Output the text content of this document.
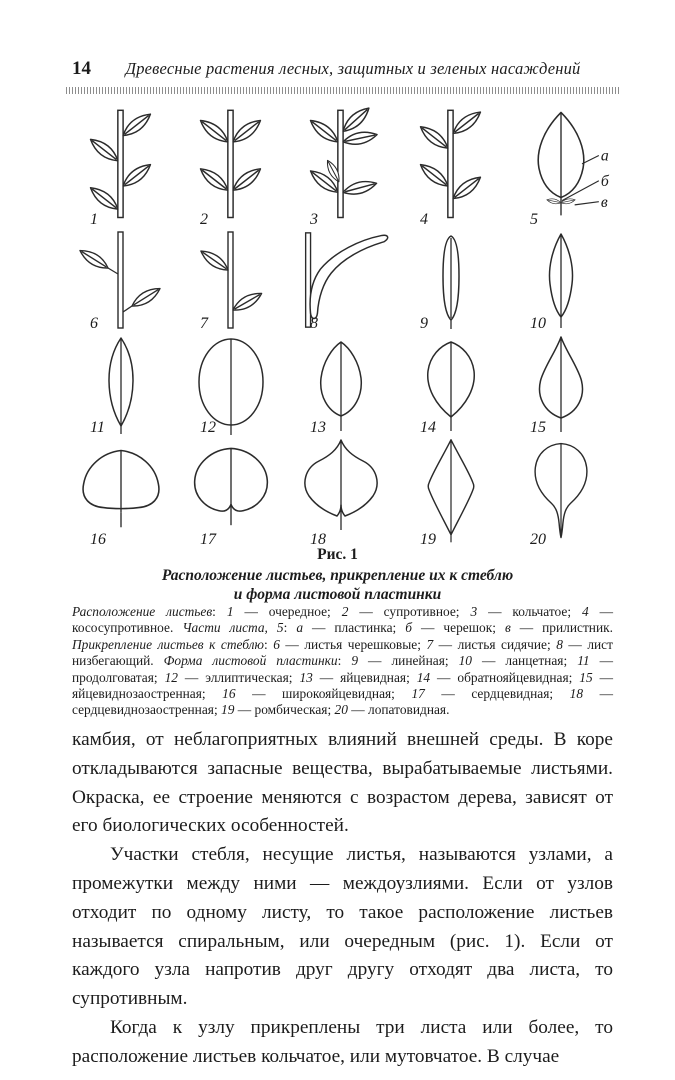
14	Древесные растения лесных, защитных и зеленых насаждений
1	2	3	4
а
б
в
5
6	7	8	9	10
11	12	13	14	15
16	17	18	19	20
Рис. 1
Расположение листьев, прикрепление их к стеблю
и форма листовой пластинки
Расположение листьев: 1 — очередное; 2 — супротивное; 3 — кольчатое; 4 — кососупротивное. Части листа, 5: а — пластинка; б — черешок; в — прилистник. Прикрепление листьев к стеблю: 6 — листья черешковые; 7 — листья сидячие; 8 — лист низбегающий. Форма листовой пластинки: 9 — линейная; 10 — ланцетная; 11 — продолговатая; 12 — эллиптическая; 13 — яйцевидная; 14 — обратнояйцевидная; 15 — яйцевиднозаостренная; 16 — широкояйцевидная; 17 — сердцевидная; 18 — сердцевиднозаостренная; 19 — ромбическая; 20 — лопатовидная.

камбия, от неблагоприятных влияний внешней среды. В коре откладываются запасные вещества, вырабатываемые листьями. Окраска, ее строение меняются с возрастом дерева, зависят от его биологических особенностей.

Участки стебля, несущие листья, называются узлами, а промежутки между ними — междоузлиями. Если от узлов отходит по одному листу, то такое расположение листьев называется спиральным, или очередным (рис. 1). Если от каждого узла напротив друг другу отходят два листа, то супротивным.

Когда к узлу прикреплены три листа или более, то расположение листьев кольчатое, или мутовчатое. В случае
